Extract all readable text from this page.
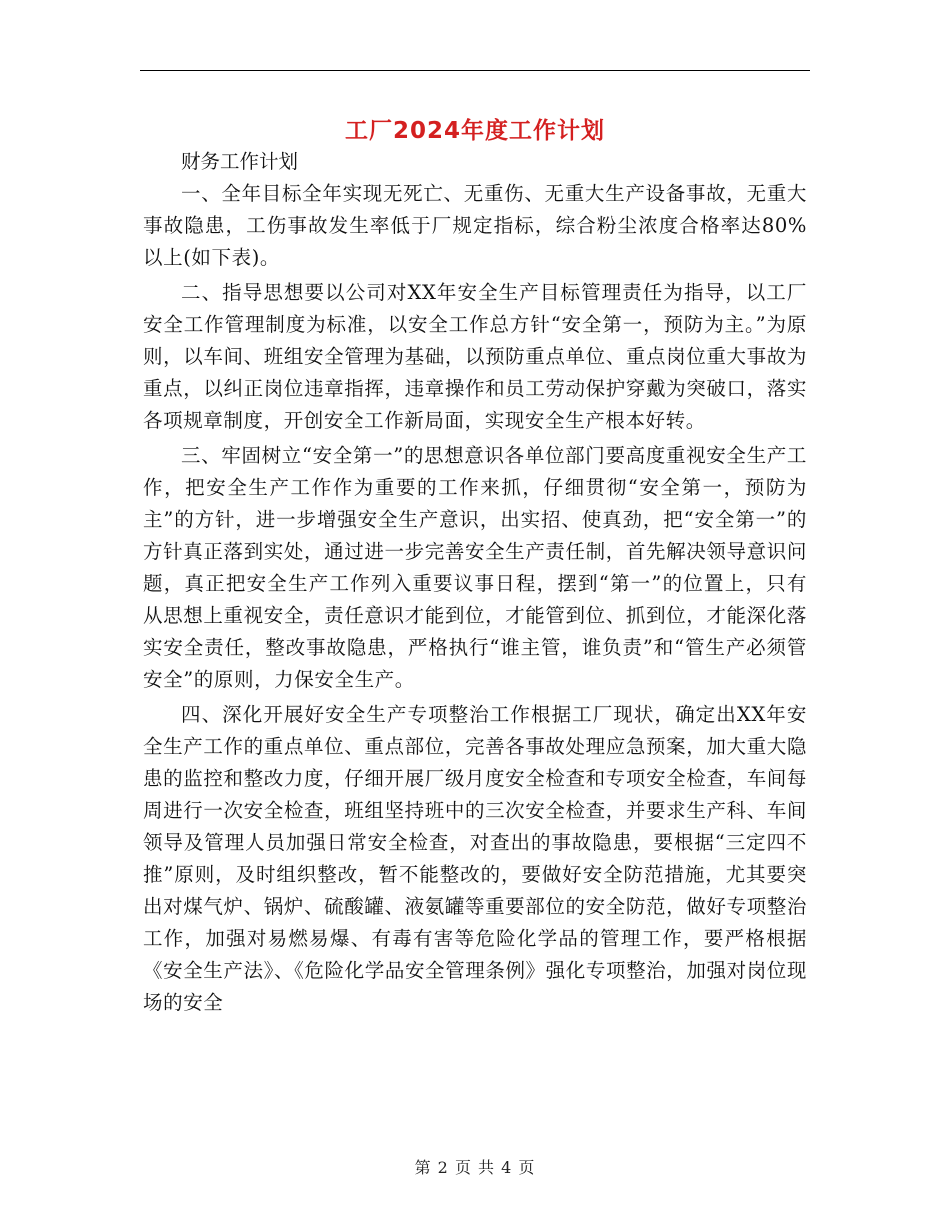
工厂2024年度工作计划

财务工作计划

一、全年目标全年实现无死亡、无重伤、无重大生产设备事故，无重大事故隐患，工伤事故发生率低于厂规定指标，综合粉尘浓度合格率达80%以上(如下表)。

二、指导思想要以公司对XX年安全生产目标管理责任为指导，以工厂安全工作管理制度为标准，以安全工作总方针“安全第一，预防为主。”为原则，以车间、班组安全管理为基础，以预防重点单位、重点岗位重大事故为重点，以纠正岗位违章指挥，违章操作和员工劳动保护穿戴为突破口，落实各项规章制度，开创安全工作新局面，实现安全生产根本好转。

三、牢固树立“安全第一”的思想意识各单位部门要高度重视安全生产工作，把安全生产工作作为重要的工作来抓，仔细贯彻“安全第一，预防为主”的方针，进一步增强安全生产意识，出实招、使真劲，把“安全第一”的方针真正落到实处，通过进一步完善安全生产责任制，首先解决领导意识问题，真正把安全生产工作列入重要议事日程，摆到“第一”的位置上，只有从思想上重视安全，责任意识才能到位，才能管到位、抓到位，才能深化落实安全责任，整改事故隐患，严格执行“谁主管，谁负责”和“管生产必须管安全”的原则，力保安全生产。

四、深化开展好安全生产专项整治工作根据工厂现状，确定出XX年安全生产工作的重点单位、重点部位，完善各事故处理应急预案，加大重大隐患的监控和整改力度，仔细开展厂级月度安全检查和专项安全检查，车间每周进行一次安全检查，班组坚持班中的三次安全检查，并要求生产科、车间领导及管理人员加强日常安全检查，对查出的事故隐患，要根据“三定四不推”原则，及时组织整改，暂不能整改的，要做好安全防范措施，尤其要突出对煤气炉、锅炉、硫酸罐、液氨罐等重要部位的安全防范，做好专项整治工作，加强对易燃易爆、有毒有害等危险化学品的管理工作，要严格根据《安全生产法》、《危险化学品安全管理条例》强化专项整治，加强对岗位现场的安全

第 2 页 共 4 页
